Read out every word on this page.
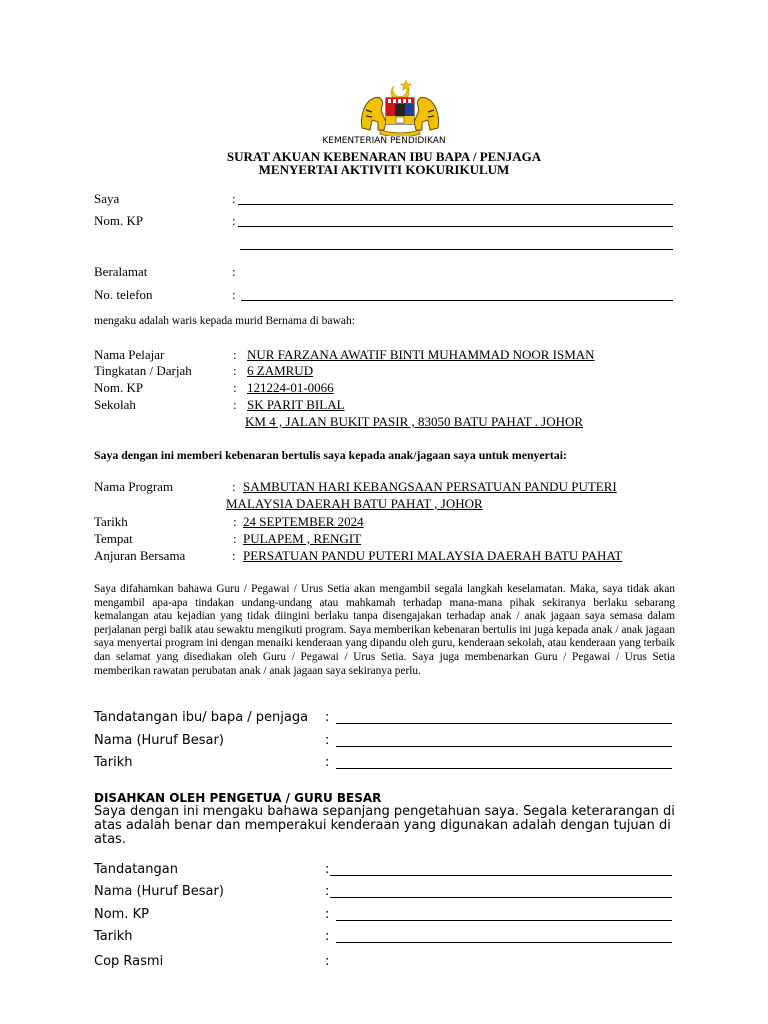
KEMENTERIAN PENDIDIKAN
SURAT AKUAN KEBENARAN IBU BAPA / PENJAGA
MENYERTAI AKTIVITI KOKURIKULUM
Saya	:
Nom. KP	:
Beralamat	:
No. telefon	:
mengaku adalah waris kepada murid Bernama di bawah:
Nama Pelajar	: NUR FARZANA AWATIF BINTI MUHAMMAD NOOR ISMAN
Tingkatan / Darjah	: 6 ZAMRUD
Nom. KP	: 121224-01-0066
Sekolah	: SK PARIT BILAL
KM 4 , JALAN BUKIT PASIR , 83050 BATU PAHAT . JOHOR
Saya dengan ini memberi kebenaran bertulis saya kepada anak/jagaan saya untuk menyertai:
Nama Program	: SAMBUTAN HARI KEBANGSAAN PERSATUAN PANDU PUTERI
MALAYSIA DAERAH BATU PAHAT , JOHOR
Tarikh	: 24 SEPTEMBER 2024
Tempat	: PULAPEM , RENGIT
Anjuran Bersama	: PERSATUAN PANDU PUTERI MALAYSIA DAERAH BATU PAHAT
Saya difahamkan bahawa Guru / Pegawai / Urus Setia akan mengambil segala langkah keselamatan. Maka, saya tidak akan mengambil apa-apa tindakan undang-undang atau mahkamah terhadap mana-mana pihak sekiranya berlaku sebarang kemalangan atau kejadian yang tidak diingini berlaku tanpa disengajakan terhadap anak / anak jagaan saya semasa dalam perjalanan pergi balik atau sewaktu mengikuti program. Saya memberikan kebenaran bertulis ini juga kepada anak / anak jagaan saya menyertai program ini dengan menaiki kenderaan yang dipandu oleh guru, kenderaan sekolah, atau kenderaan yang terbaik dan selamat yang disediakan oleh Guru / Pegawai / Urus Setia. Saya juga membenarkan Guru / Pegawai / Urus Setia memberikan rawatan perubatan anak / anak jagaan saya sekiranya perlu.
Tandatangan ibu/ bapa / penjaga :
Nama (Huruf Besar)	:
Tarikh	:
DISAHKAN OLEH PENGETUA / GURU BESAR
Saya dengan ini mengaku bahawa sepanjang pengetahuan saya. Segala keterarangan di atas adalah benar dan memperakui kenderaan yang digunakan adalah dengan tujuan di atas.
Tandatangan	:
Nama (Huruf Besar)	:
Nom. KP	:
Tarikh	:
Cop Rasmi	:
